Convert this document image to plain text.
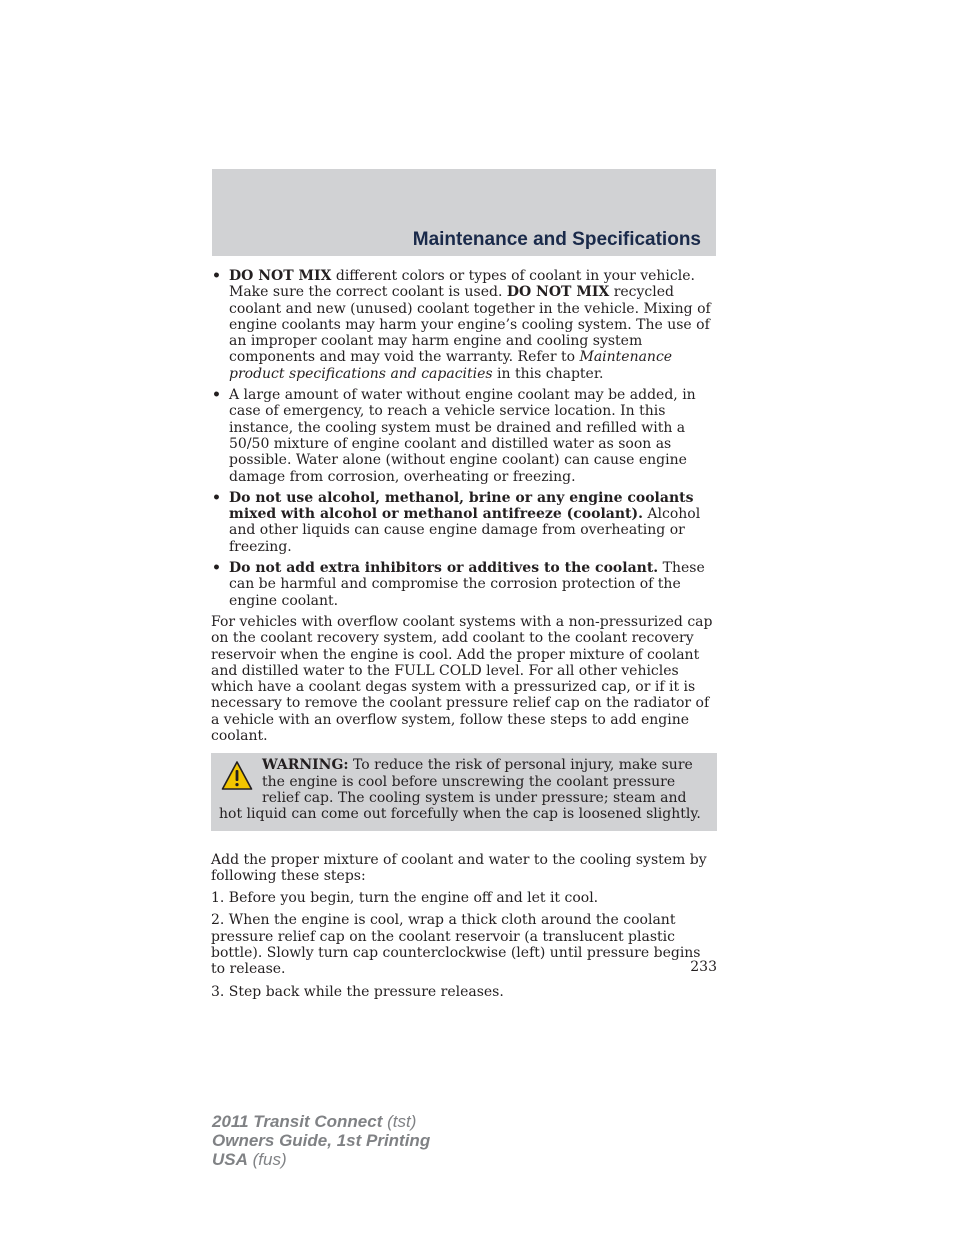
Maintenance and Specifications
• DO NOT MIX different colors or types of coolant in your vehicle. Make sure the correct coolant is used. DO NOT MIX recycled coolant and new (unused) coolant together in the vehicle. Mixing of engine coolants may harm your engine’s cooling system. The use of an improper coolant may harm engine and cooling system components and may void the warranty. Refer to Maintenance product specifications and capacities in this chapter.
• A large amount of water without engine coolant may be added, in case of emergency, to reach a vehicle service location. In this instance, the cooling system must be drained and refilled with a 50/50 mixture of engine coolant and distilled water as soon as possible. Water alone (without engine coolant) can cause engine damage from corrosion, overheating or freezing.
• Do not use alcohol, methanol, brine or any engine coolants mixed with alcohol or methanol antifreeze (coolant). Alcohol and other liquids can cause engine damage from overheating or freezing.
• Do not add extra inhibitors or additives to the coolant. These can be harmful and compromise the corrosion protection of the engine coolant.

For vehicles with overflow coolant systems with a non-pressurized cap on the coolant recovery system, add coolant to the coolant recovery reservoir when the engine is cool. Add the proper mixture of coolant and distilled water to the FULL COLD level. For all other vehicles which have a coolant degas system with a pressurized cap, or if it is necessary to remove the coolant pressure relief cap on the radiator of a vehicle with an overflow system, follow these steps to add engine coolant.

WARNING: To reduce the risk of personal injury, make sure the engine is cool before unscrewing the coolant pressure relief cap. The cooling system is under pressure; steam and hot liquid can come out forcefully when the cap is loosened slightly.

Add the proper mixture of coolant and water to the cooling system by following these steps:

1. Before you begin, turn the engine off and let it cool.

2. When the engine is cool, wrap a thick cloth around the coolant pressure relief cap on the coolant reservoir (a translucent plastic bottle). Slowly turn cap counterclockwise (left) until pressure begins to release.

3. Step back while the pressure releases.

233
2011 Transit Connect (tst)
Owners Guide, 1st Printing
USA (fus)
